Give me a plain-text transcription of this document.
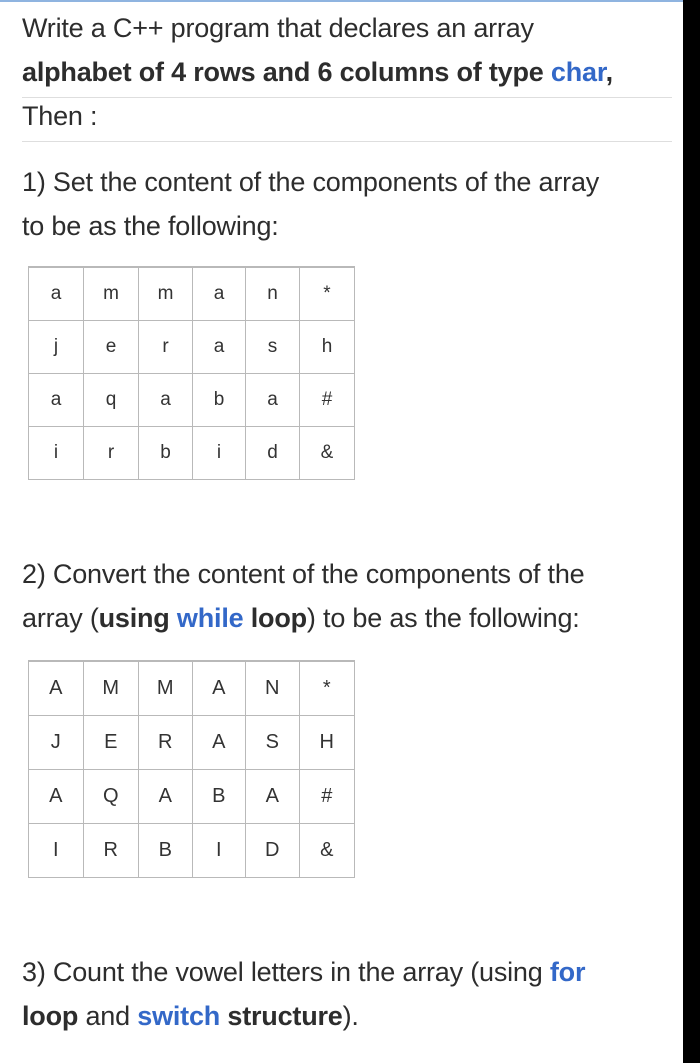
Write a C++ program that declares an array
alphabet of 4 rows and 6 columns of type char,
Then :
1) Set the content of the components of the array
to be as the following:
a	m	m	a	n	*
j	e	r	a	s	h
a	q	a	b	a	#
i	r	b	i	d	&
2) Convert the content of the components of the
array (using while loop) to be as the following:
A	M	M	A	N	*
J	E	R	A	S	H
A	Q	A	B	A	#
I	R	B	I	D	&
3) Count the vowel letters in the array (using for
loop and switch structure).
